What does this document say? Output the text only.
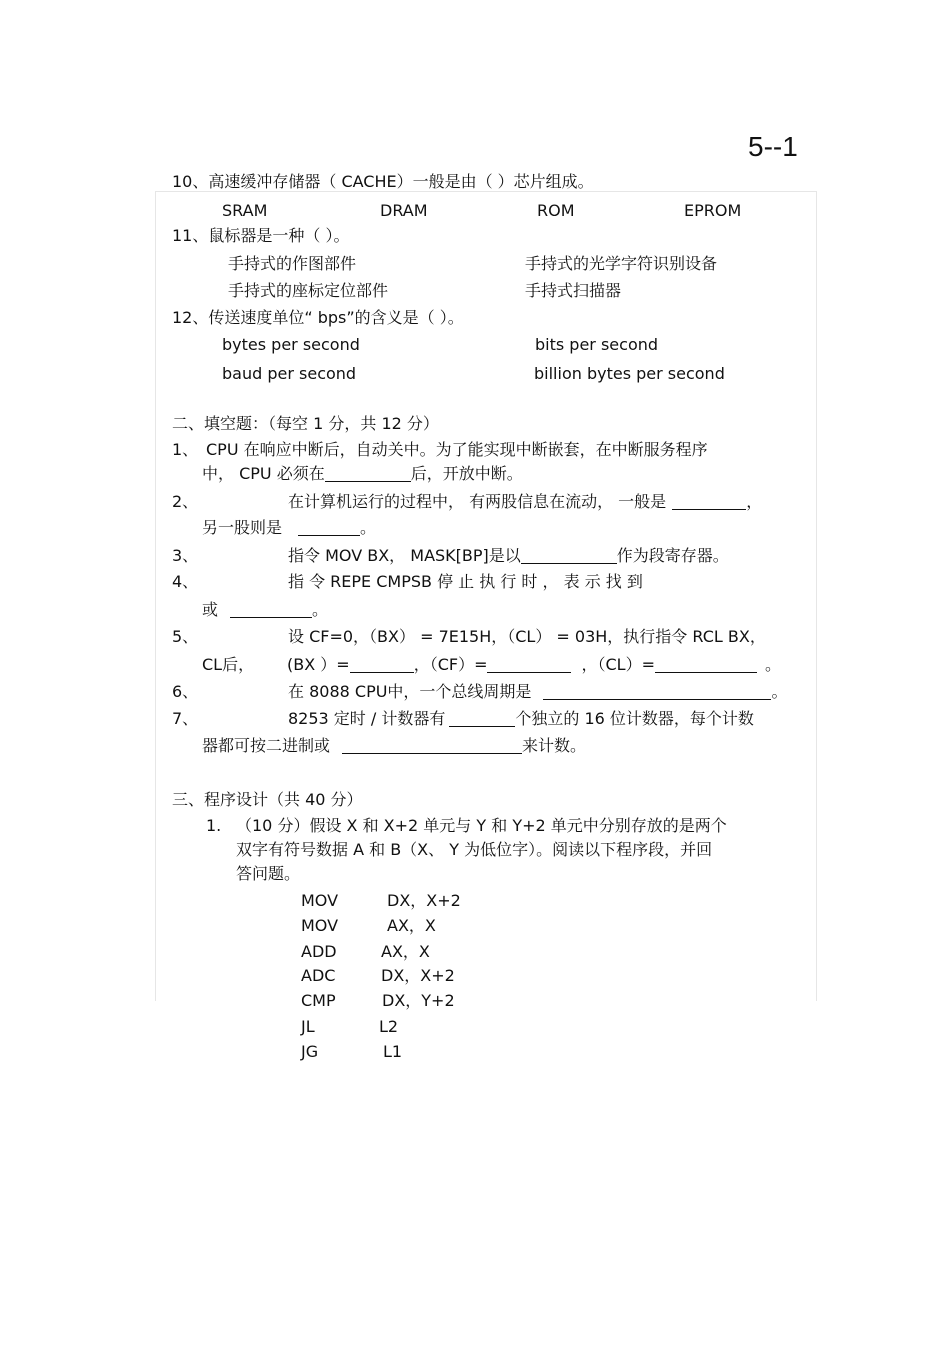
5--1
10、高速缓冲存储器（ CACHE）一般是由（ ）芯片组成。
SRAM	DRAM	ROM	EPROM
11、鼠标器是一种（ ）。
手持式的作图部件	手持式的光学字符识别设备
手持式的座标定位部件	手持式扫描器
12、传送速度单位“ bps”的含义是（ ）。
bytes per second	bits per second
baud per second	billion bytes per second
二、填空题：（每空 1 分，共 12 分）
1、 CPU 在响应中断后，自动关中。为了能实现中断嵌套，在中断服务程序
中， CPU 必须在	后，开放中断。
2、	在计算机运行的过程中， 有两股信息在流动， 一般是	，
另一股则是	。
3、	指令 MOV BX， MASK[BP]是以	作为段寄存器。
4、	指 令 REPE CMPSB 停 止 执 行 时 ， 表 示 找 到
或	。
5、	设 CF=0，（BX） = 7E15H，（CL） = 03H，执行指令 RCL BX，
CL后， (BX ）=	，（CF）=	，（CL）=	。
6、	在 8088 CPU中，一个总线周期是	。
7、	8253 定时 / 计数器有	个独立的 16 位计数器，每个计数
器都可按二进制或	来计数。
三、程序设计（共 40 分）
1. （10 分）假设 X 和 X+2 单元与 Y 和 Y+2 单元中分别存放的是两个
双字有符号数据 A 和 B（X、 Y 为低位字）。阅读以下程序段，并回
答问题。
MOV	DX，X+2
MOV	AX，X
ADD	AX，X
ADC	DX，X+2
CMP	DX，Y+2
JL	L2
JG	L1
